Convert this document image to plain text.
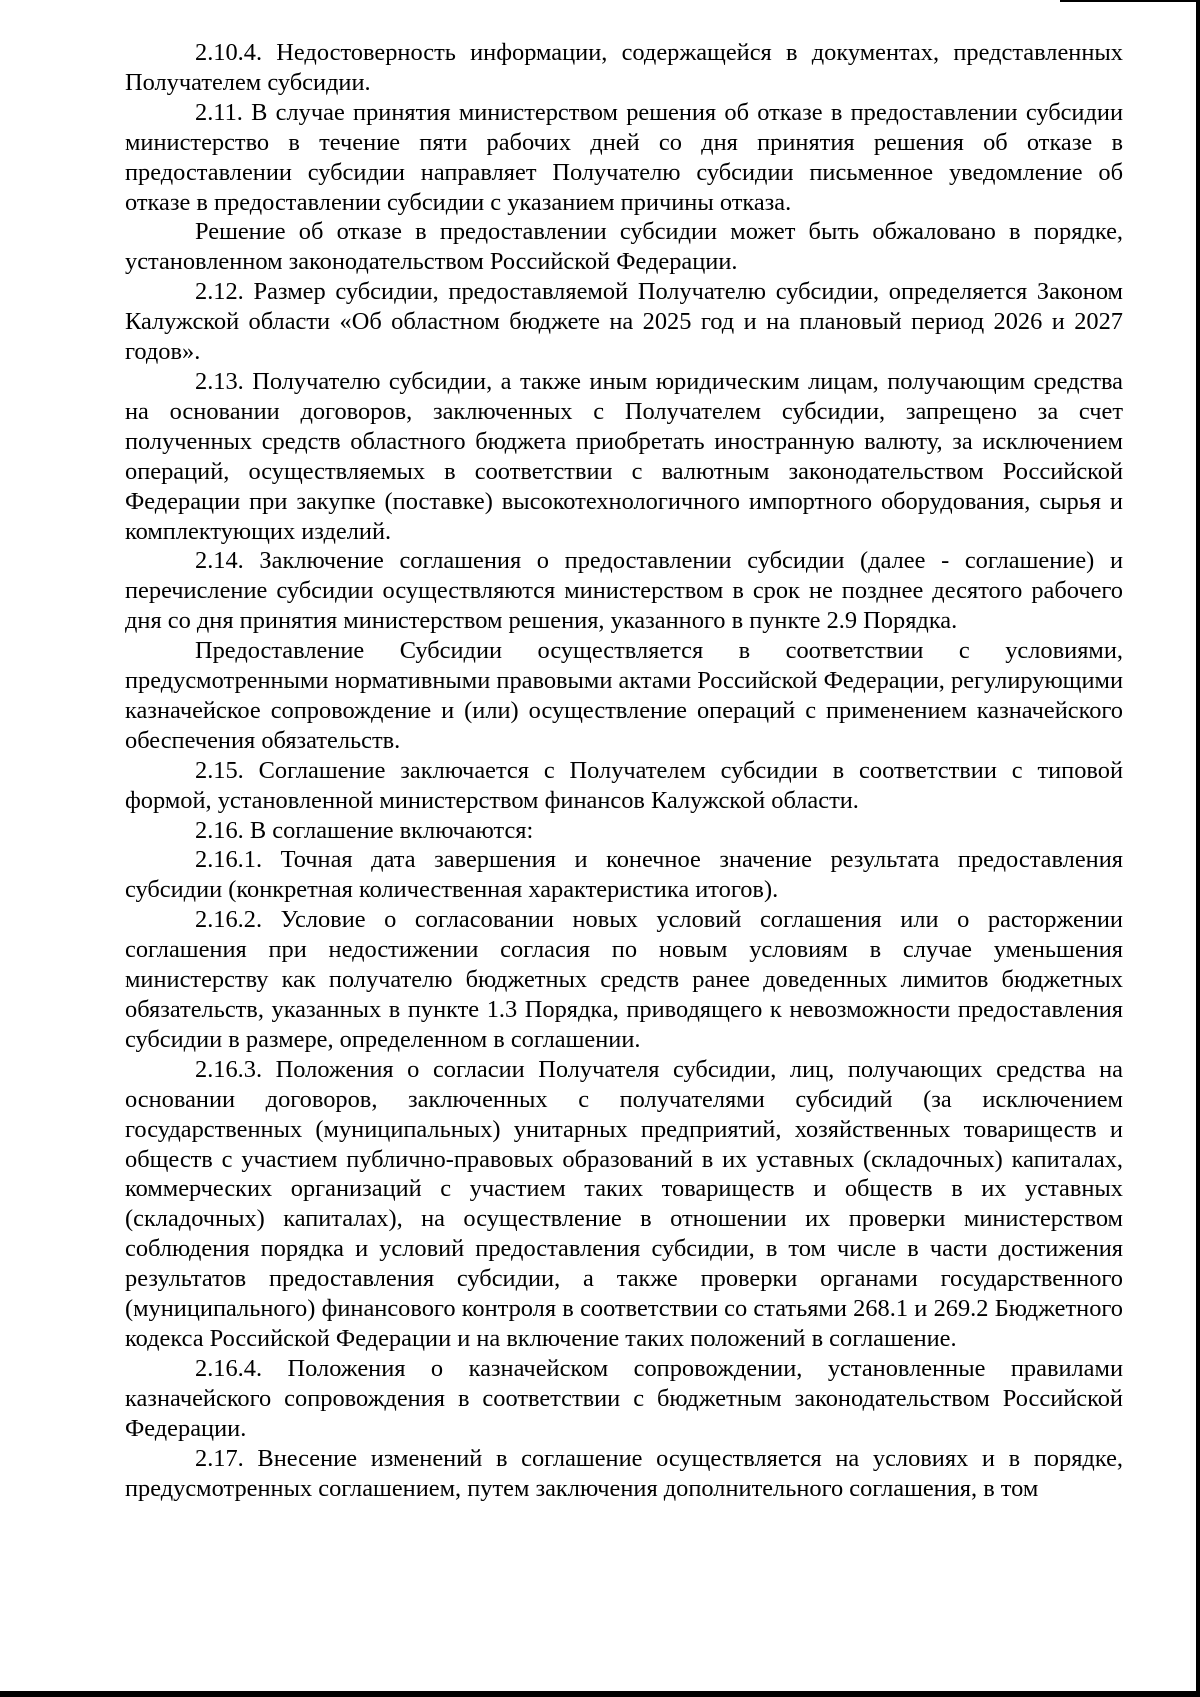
2.10.4. Недостоверность информации, содержащейся в документах, представленных Получателем субсидии.

2.11. В случае принятия министерством решения об отказе в предоставлении субсидии министерство в течение пяти рабочих дней со дня принятия решения об отказе в предоставлении субсидии направляет Получателю субсидии письменное уведомление об отказе в предоставлении субсидии с указанием причины отказа.

Решение об отказе в предоставлении субсидии может быть обжаловано в порядке, установленном законодательством Российской Федерации.

2.12. Размер субсидии, предоставляемой Получателю субсидии, определяется Законом Калужской области «Об областном бюджете на 2025 год и на плановый период 2026 и 2027 годов».

2.13. Получателю субсидии, а также иным юридическим лицам, получающим средства на основании договоров, заключенных с Получателем субсидии, запрещено за счет полученных средств областного бюджета приобретать иностранную валюту, за исключением операций, осуществляемых в соответствии с валютным законодательством Российской Федерации при закупке (поставке) высокотехнологичного импортного оборудования, сырья и комплектующих изделий.

2.14. Заключение соглашения о предоставлении субсидии (далее - соглашение) и перечисление субсидии осуществляются министерством в срок не позднее десятого рабочего дня со дня принятия министерством решения, указанного в пункте 2.9 Порядка.

Предоставление Субсидии осуществляется в соответствии с условиями, предусмотренными нормативными правовыми актами Российской Федерации, регулирующими казначейское сопровождение и (или) осуществление операций с применением казначейского обеспечения обязательств.

2.15. Соглашение заключается с Получателем субсидии в соответствии с типовой формой, установленной министерством финансов Калужской области.

2.16. В соглашение включаются:

2.16.1. Точная дата завершения и конечное значение результата предоставления субсидии (конкретная количественная характеристика итогов).

2.16.2. Условие о согласовании новых условий соглашения или о расторжении соглашения при недостижении согласия по новым условиям в случае уменьшения министерству как получателю бюджетных средств ранее доведенных лимитов бюджетных обязательств, указанных в пункте 1.3 Порядка, приводящего к невозможности предоставления субсидии в размере, определенном в соглашении.

2.16.3. Положения о согласии Получателя субсидии, лиц, получающих средства на основании договоров, заключенных с получателями субсидий (за исключением государственных (муниципальных) унитарных предприятий, хозяйственных товариществ и обществ с участием публично-правовых образований в их уставных (складочных) капиталах, коммерческих организаций с участием таких товариществ и обществ в их уставных (складочных) капиталах), на осуществление в отношении их проверки министерством соблюдения порядка и условий предоставления субсидии, в том числе в части достижения результатов предоставления субсидии, а также проверки органами государственного (муниципального) финансового контроля в соответствии со статьями 268.1 и 269.2 Бюджетного кодекса Российской Федерации и на включение таких положений в соглашение.

2.16.4. Положения о казначейском сопровождении, установленные правилами казначейского сопровождения в соответствии с бюджетным законодательством Российской Федерации.

2.17. Внесение изменений в соглашение осуществляется на условиях и в порядке, предусмотренных соглашением, путем заключения дополнительного соглашения, в том
